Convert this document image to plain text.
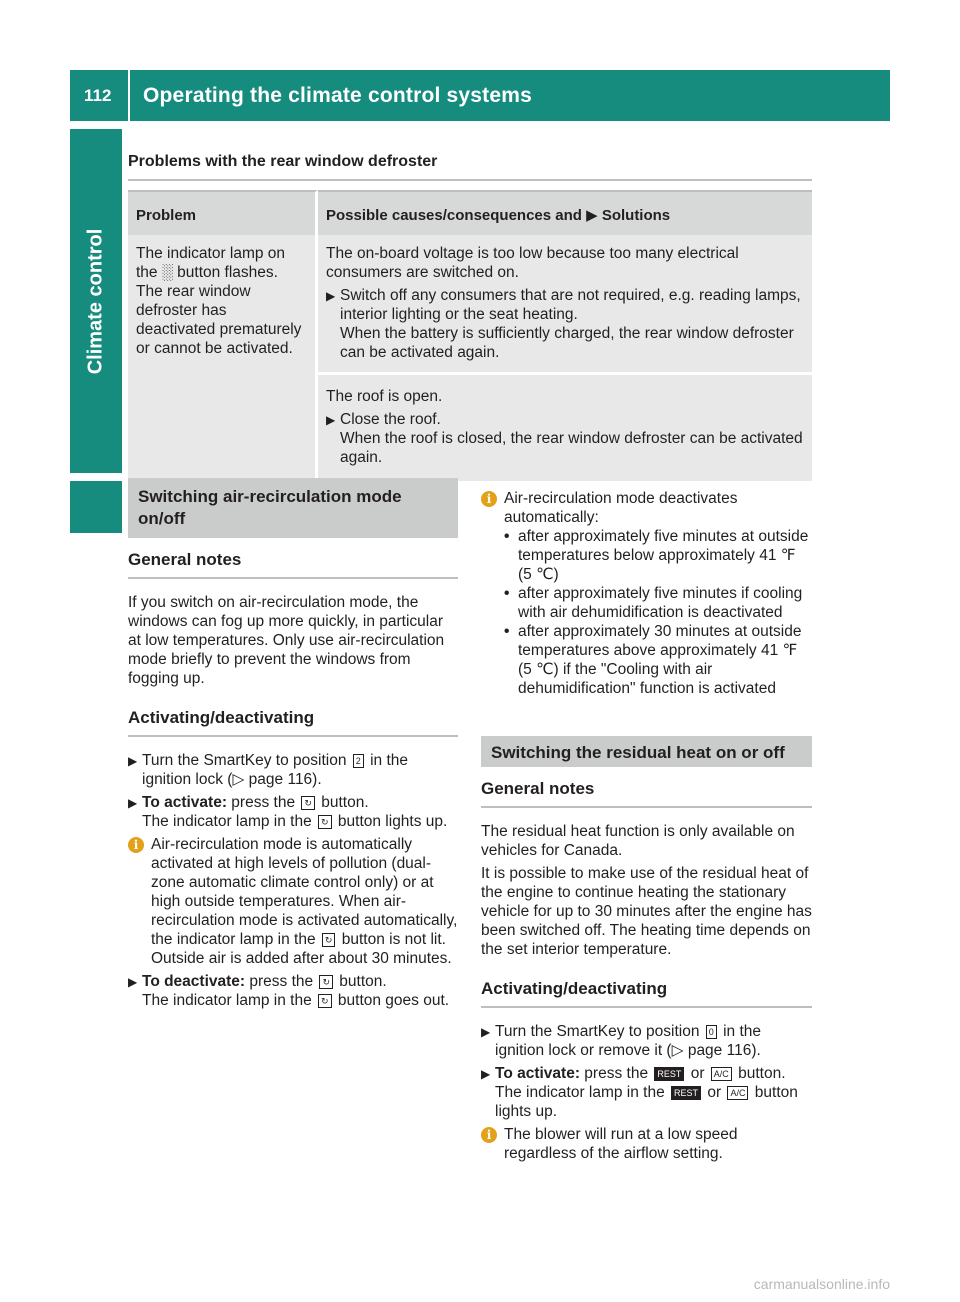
112	Operating the climate control systems
Climate control
Problems with the rear window defroster
Problem	Possible causes/consequences and ▶ Solutions

The indicator lamp on the ░ button flashes. The rear window defroster has deactivated prematurely or cannot be activated.	The on-board voltage is too low because too many electrical consumers are switched on.

▶ Switch off any consumers that are not required, e.g. reading lamps, interior lighting or the seat heating.

When the battery is sufficiently charged, the rear window defroster can be activated again.

	The roof is open.

▶ Close the roof.

When the roof is closed, the rear window defroster can be activated again.

Switching air-recirculation mode on/off
General notes

If you switch on air-recirculation mode, the windows can fog up more quickly, in particular at low temperatures. Only use air-recirculation mode briefly to prevent the windows from fogging up.

Activating/deactivating
▶ Turn the SmartKey to position 2 in the ignition lock (▷ page 116).

▶ To activate: press the ↻ button.

The indicator lamp in the ↻ button lights up.

i Air-recirculation mode is automatically activated at high levels of pollution (dual-zone automatic climate control only) or at high outside temperatures. When air-recirculation mode is activated automatically, the indicator lamp in the ↻ button is not lit. Outside air is added after about 30 minutes.

▶ To deactivate: press the ↻ button.

The indicator lamp in the ↻ button goes out.

i Air-recirculation mode deactivates automatically:

• after approximately five minutes at outside temperatures below approximately 41 ℉ (5 ℃)

• after approximately five minutes if cooling with air dehumidification is deactivated

• after approximately 30 minutes at outside temperatures above approximately 41 ℉ (5 ℃) if the "Cooling with air dehumidification" function is activated

Switching the residual heat on or off
General notes

The residual heat function is only available on vehicles for Canada.

It is possible to make use of the residual heat of the engine to continue heating the stationary vehicle for up to 30 minutes after the engine has been switched off. The heating time depends on the set interior temperature.

Activating/deactivating
▶ Turn the SmartKey to position 0 in the ignition lock or remove it (▷ page 116).

▶ To activate: press the REST or A/C button.

The indicator lamp in the REST or A/C button lights up.

i The blower will run at a low speed regardless of the airflow setting.

carmanualsonline.info
